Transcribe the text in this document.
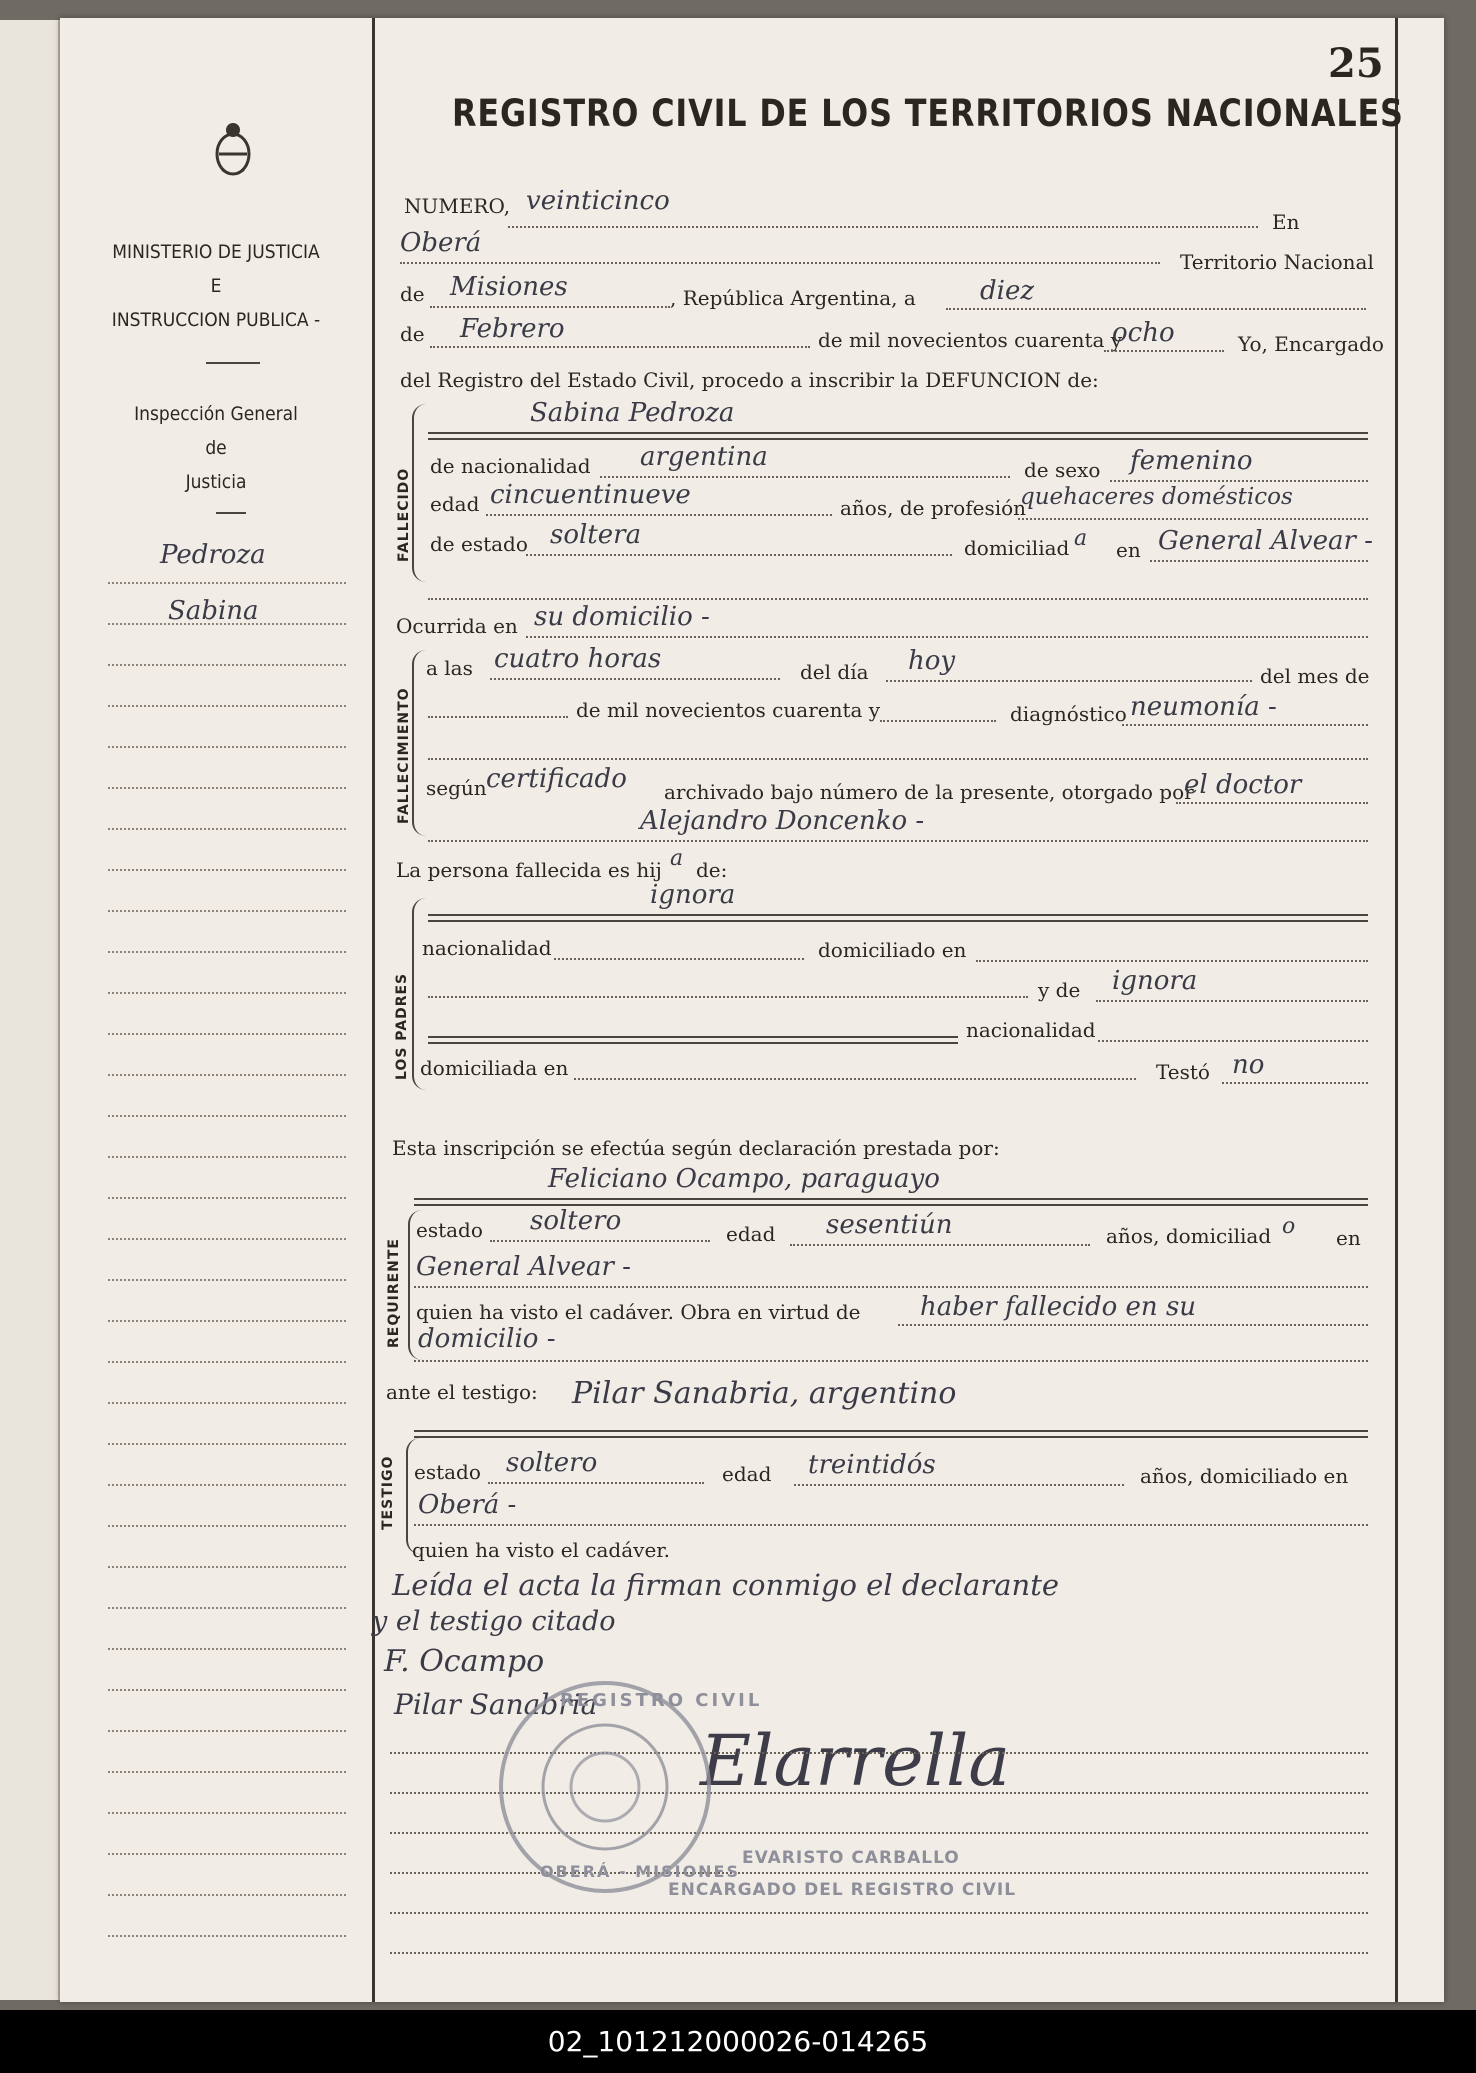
MINISTERIO DE JUSTICIA
E
INSTRUCCION PUBLICA -
Inspección General
de
Justicia
Pedroza
Sabina
25
REGISTRO CIVIL DE LOS TERRITORIOS NACIONALES
NUMERO, veinticinco
En
Oberá
Territorio Nacional
de Misiones	, República Argentina, a diez
de Febrero	de mil novecientos cuarenta y
ocho	Yo, Encargado
del Registro del Estado Civil, procedo a inscribir la DEFUNCION de:
FALLECIDO
Sabina Pedroza
de nacionalidad argentina	de sexo femenino
edad cincuentinueve	años, de profesión
quehaceres domésticos
de estado soltera	domiciliad a en General Alvear -
Ocurrida en su domicilio -
FALLECIMIENTO
a las cuatro horas	del día hoy	del mes de
de mil novecientos cuarenta y	diagnóstico neumonía -
según certificado archivado bajo número de la presente, otorgado por
el doctor
Alejandro Doncenko -
La persona fallecida es hij a de:
LOS PADRES
ignora
nacionalidad	domiciliado en
y de ignora
nacionalidad
domiciliada en	Testó no
Esta inscripción se efectúa según declaración prestada por:
Feliciano Ocampo, paraguayo
REQUIRENTE
estado soltero	edad sesentiún	años, domiciliad o en
General Alvear -
quien ha visto el cadáver. Obra en virtud de haber fallecido en su
domicilio -
ante el testigo: Pilar Sanabria, argentino
TESTIGO estado soltero	edad treintidós	años, domiciliado en
Oberá -
quien ha visto el cadáver.
Leída el acta la firman conmigo el declarante
y el testigo citado
F. Ocampo
Pilar Sanabria
Elarrella
REGISTRO CIVIL
OBERÁ - MISIONES
EVARISTO CARBALLO
ENCARGADO DEL REGISTRO CIVIL
02_101212000026-014265
